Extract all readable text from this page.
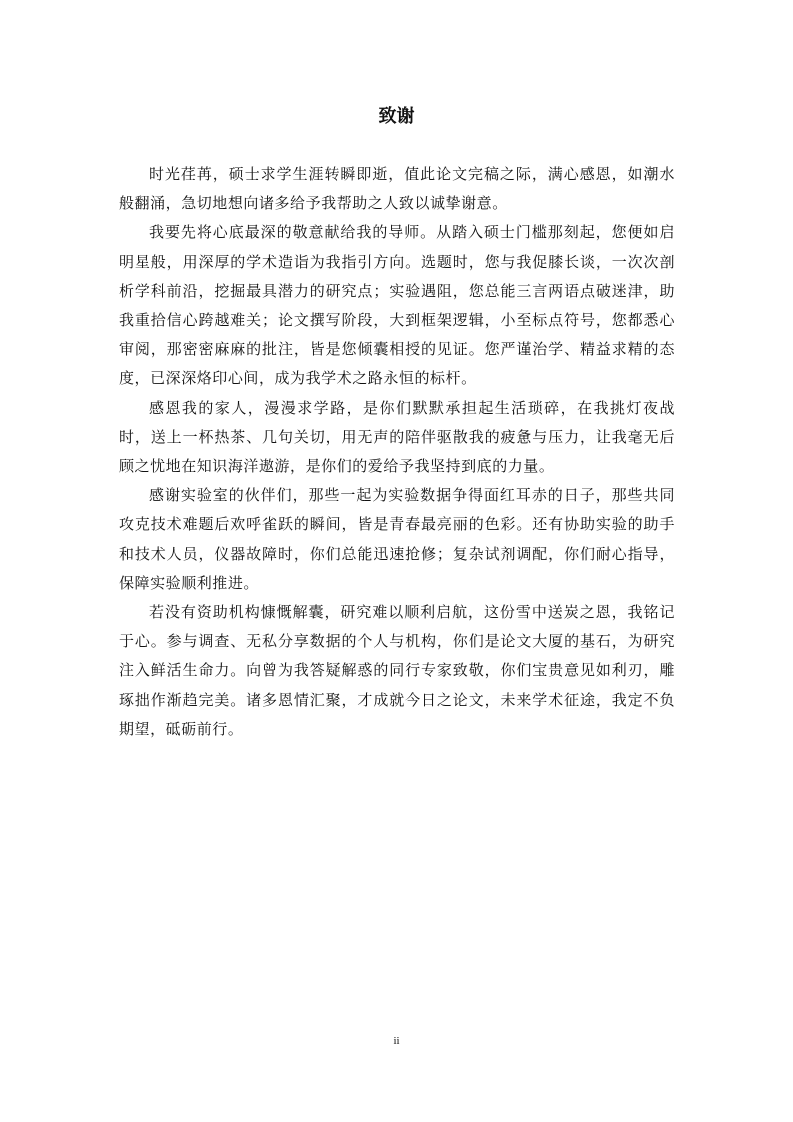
致谢

时光荏苒，硕士求学生涯转瞬即逝，值此论文完稿之际，满心感恩，如潮水般翻涌，急切地想向诸多给予我帮助之人致以诚挚谢意。

我要先将心底最深的敬意献给我的导师。从踏入硕士门槛那刻起，您便如启明星般，用深厚的学术造诣为我指引方向。选题时，您与我促膝长谈，一次次剖析学科前沿，挖掘最具潜力的研究点；实验遇阻，您总能三言两语点破迷津，助我重拾信心跨越难关；论文撰写阶段，大到框架逻辑，小至标点符号，您都悉心审阅，那密密麻麻的批注，皆是您倾囊相授的见证。您严谨治学、精益求精的态度，已深深烙印心间，成为我学术之路永恒的标杆。

感恩我的家人，漫漫求学路，是你们默默承担起生活琐碎，在我挑灯夜战时，送上一杯热茶、几句关切，用无声的陪伴驱散我的疲惫与压力，让我毫无后顾之忧地在知识海洋遨游，是你们的爱给予我坚持到底的力量。

感谢实验室的伙伴们，那些一起为实验数据争得面红耳赤的日子，那些共同攻克技术难题后欢呼雀跃的瞬间，皆是青春最亮丽的色彩。还有协助实验的助手和技术人员，仪器故障时，你们总能迅速抢修；复杂试剂调配，你们耐心指导，保障实验顺利推进。

若没有资助机构慷慨解囊，研究难以顺利启航，这份雪中送炭之恩，我铭记于心。参与调查、无私分享数据的个人与机构，你们是论文大厦的基石，为研究注入鲜活生命力。向曾为我答疑解惑的同行专家致敬，你们宝贵意见如利刃，雕琢拙作渐趋完美。诸多恩情汇聚，才成就今日之论文，未来学术征途，我定不负期望，砥砺前行。

ii
